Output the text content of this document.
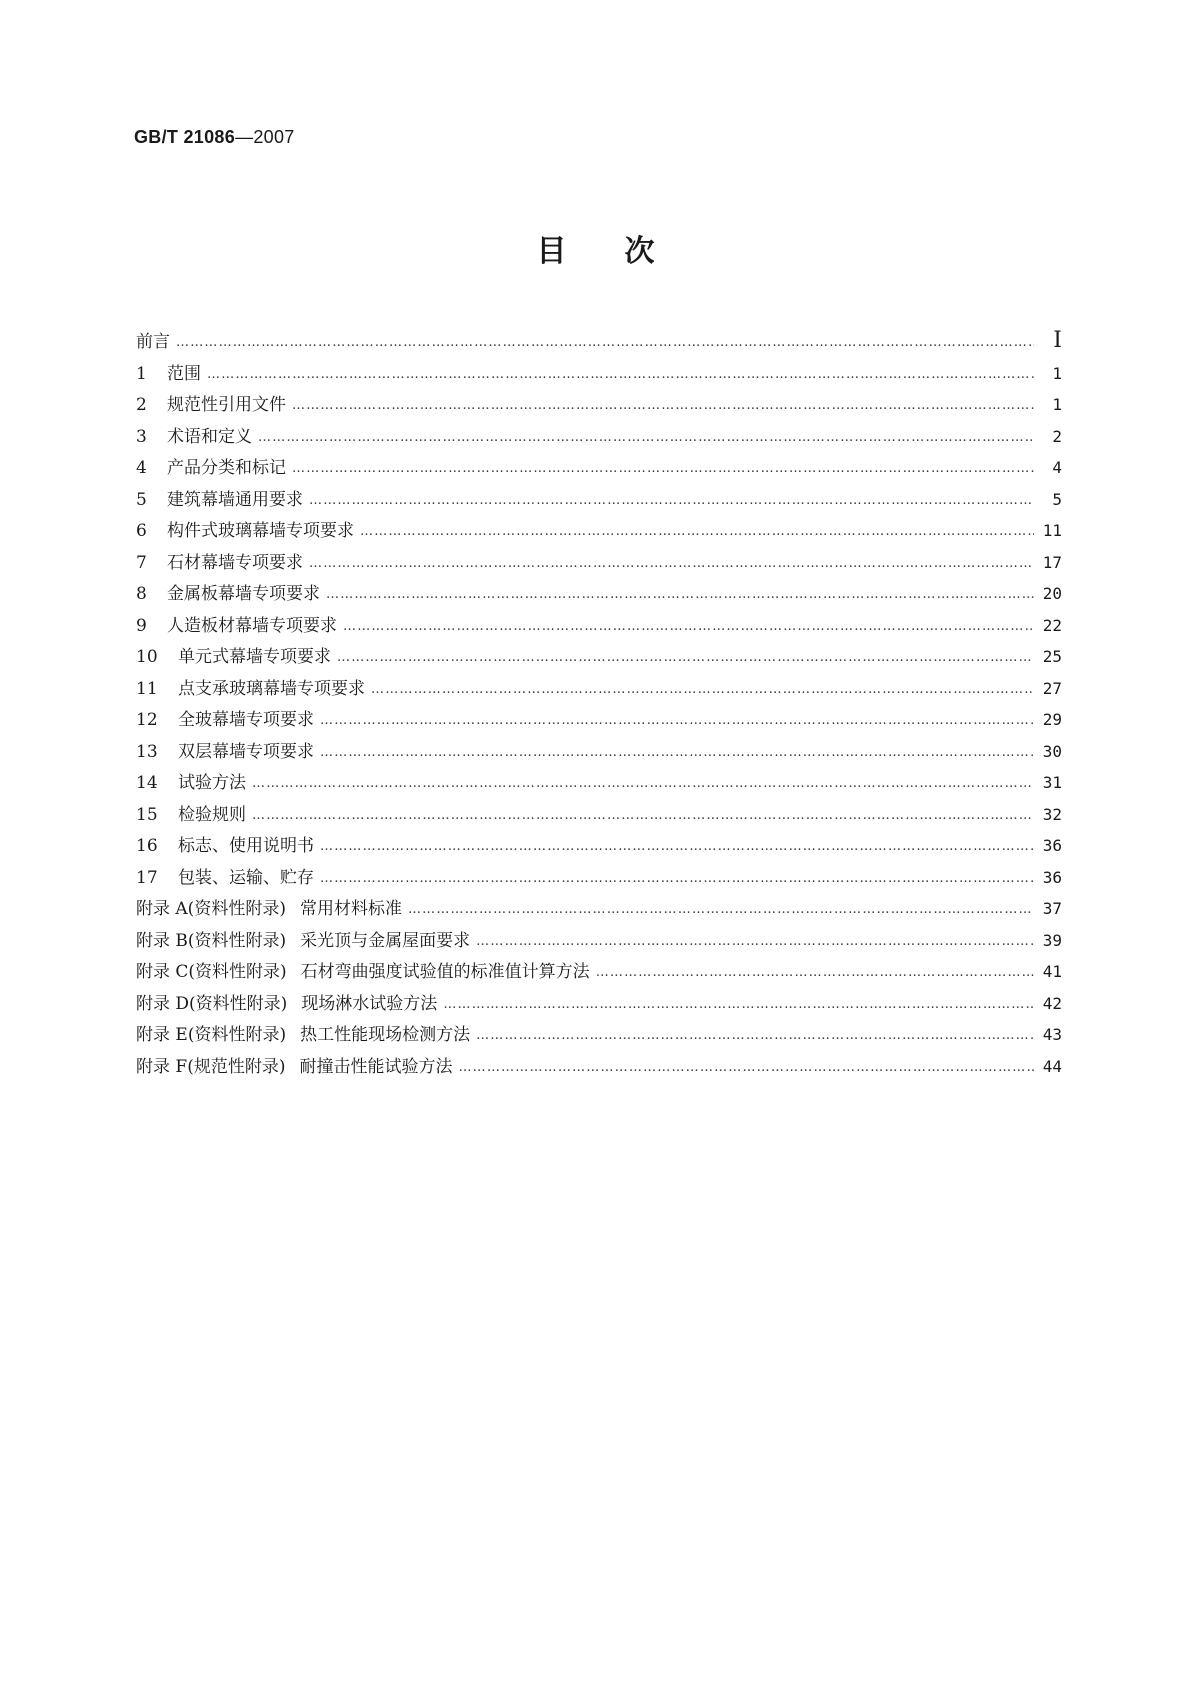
GB/T 21086—2007
目次
前言 ……………………………………………………………………………………………………………………………………………………………………………………………………	Ⅰ
1 范围 ……………………………………………………………………………………………………………………………………………………………………………………………………	1
2 规范性引用文件 ……………………………………………………………………………………………………………………………………………………………………………………………………	1
3 术语和定义 ……………………………………………………………………………………………………………………………………………………………………………………………………	2
4 产品分类和标记 ……………………………………………………………………………………………………………………………………………………………………………………………………	4
5 建筑幕墙通用要求 ……………………………………………………………………………………………………………………………………………………………………………………………………	5
6 构件式玻璃幕墙专项要求 ……………………………………………………………………………………………………………………………………………………………………………………………………	11
7 石材幕墙专项要求 ……………………………………………………………………………………………………………………………………………………………………………………………………	17
8 金属板幕墙专项要求 ……………………………………………………………………………………………………………………………………………………………………………………………………	20
9 人造板材幕墙专项要求 ……………………………………………………………………………………………………………………………………………………………………………………………………	22
10 单元式幕墙专项要求 ……………………………………………………………………………………………………………………………………………………………………………………………………	25
11 点支承玻璃幕墙专项要求 ……………………………………………………………………………………………………………………………………………………………………………………………………	27
12 全玻幕墙专项要求 ……………………………………………………………………………………………………………………………………………………………………………………………………	29
13 双层幕墙专项要求 ……………………………………………………………………………………………………………………………………………………………………………………………………	30
14 试验方法 ……………………………………………………………………………………………………………………………………………………………………………………………………	31
15 检验规则 ……………………………………………………………………………………………………………………………………………………………………………………………………	32
16 标志、使用说明书 ……………………………………………………………………………………………………………………………………………………………………………………………………	36
17 包装、运输、贮存 ……………………………………………………………………………………………………………………………………………………………………………………………………	36
附录 A(资料性附录) 常用材料标准 ……………………………………………………………………………………………………………………………………………………………………………………………………	37
附录 B(资料性附录) 采光顶与金属屋面要求 ……………………………………………………………………………………………………………………………………………………………………………………………………	39
附录 C(资料性附录) 石材弯曲强度试验值的标准值计算方法 ……………………………………………………………………………………………………………………………………………………………………………………………………	41
附录 D(资料性附录) 现场淋水试验方法 ……………………………………………………………………………………………………………………………………………………………………………………………………	42
附录 E(资料性附录) 热工性能现场检测方法 ……………………………………………………………………………………………………………………………………………………………………………………………………	43
附录 F(规范性附录) 耐撞击性能试验方法 ……………………………………………………………………………………………………………………………………………………………………………………………………	44
